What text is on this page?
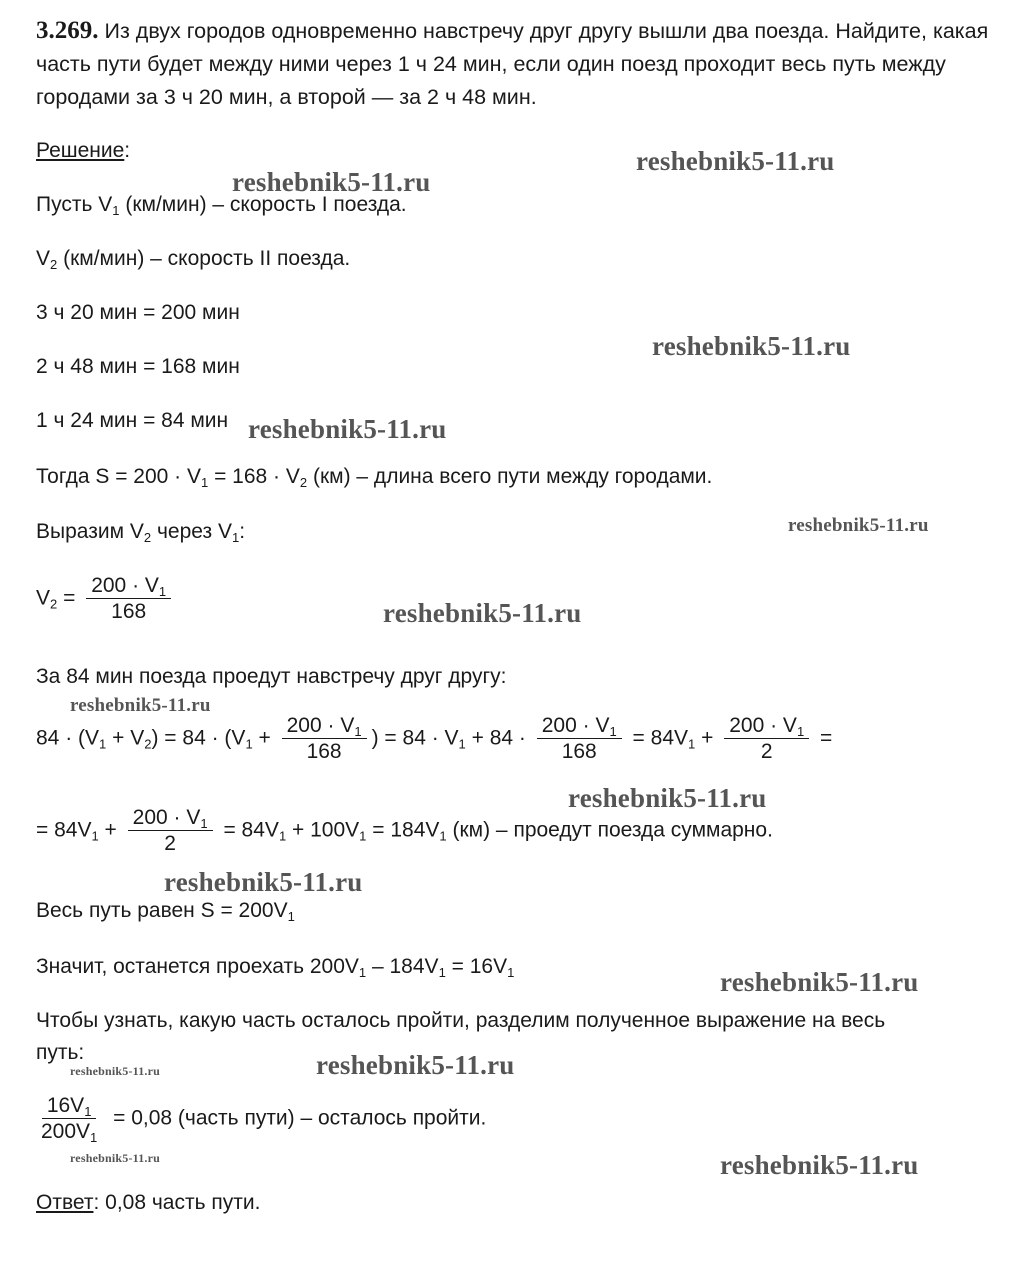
3.269. Из двух городов одновременно навстречу друг другу вышли два поезда. Найдите, какая часть пути будет между ними через 1 ч 24 мин, если один поезд проходит весь путь между городами за 3 ч 20 мин, а второй — за 2 ч 48 мин.
Решение:
Пусть $V_1$ (км/мин) – скорость I поезда.
$V_2$ (км/мин) – скорость II поезда.
3 ч 20 мин = 200 мин
2 ч 48 мин = 168 мин
1 ч 24 мин = 84 мин
Тогда $S = 200 \cdot V_1 = 168 \cdot V_2$ (км) – длина всего пути между городами.
Выразим $V_2$ через $V_1$:
$V_2 = \frac{200 \cdot V_1}{168}$
За 84 мин поезда проедут навстречу друг другу:
$84 \cdot (V_1 + V_2) = 84 \cdot (V_1 + \frac{200 \cdot V_1}{168}$ ) = $84 \cdot V_1 + 84 \cdot \frac{200 \cdot V_1}{168} = 84V_1 + \frac{200 \cdot V_1}{2}$ =
= $84V_1 + \frac{200 \cdot V_1}{2} = 84V_1 + 100V_1 = 184V_1$ (км) – проедут поезда суммарно.
Весь путь равен $S = 200V_1$
Значит, останется проехать $200V_1 - 184V_1 = 16V_1$
Чтобы узнать, какую часть осталось пройти, разделим полученное выражение на весь
путь:
$\frac{16V_1}{200V_1} = 0,08$ (часть пути) – осталось пройти.
Ответ: 0,08 часть пути.
reshebnik5-11.ru
reshebnik5-11.ru
reshebnik5-11.ru
reshebnik5-11.ru
reshebnik5-11.ru
reshebnik5-11.ru
reshebnik5-11.ru
reshebnik5-11.ru
reshebnik5-11.ru
reshebnik5-11.ru
reshebnik5-11.ru
reshebnik5-11.ru
reshebnik5-11.ru	reshebnik5-11.ru
